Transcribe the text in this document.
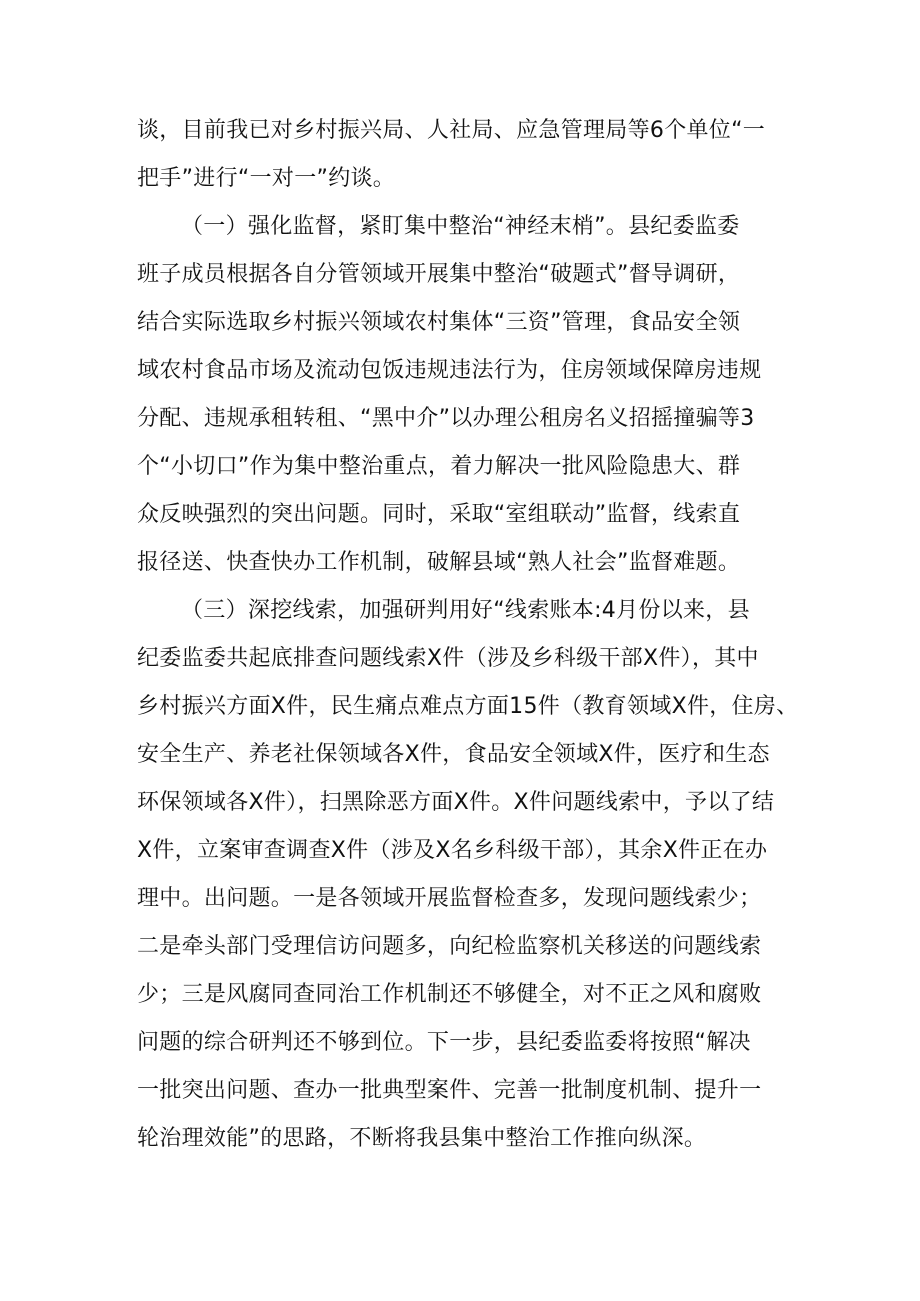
谈，目前我已对乡村振兴局、人社局、应急管理局等6个单位“一
把手”进行“一对一”约谈。
（一）强化监督，紧盯集中整治“神经末梢”。县纪委监委
班子成员根据各自分管领域开展集中整治“破题式”督导调研，
结合实际选取乡村振兴领域农村集体“三资”管理，食品安全领
域农村食品市场及流动包饭违规违法行为，住房领域保障房违规
分配、违规承租转租、“黑中介”以办理公租房名义招摇撞骗等3
个“小切口”作为集中整治重点，着力解决一批风险隐患大、群
众反映强烈的突出问题。同时，采取“室组联动”监督，线索直
报径送、快查快办工作机制，破解县域“熟人社会”监督难题。
（三）深挖线索，加强研判用好“线索账本:4月份以来，县
纪委监委共起底排查问题线索X件（涉及乡科级干部X件），其中
乡村振兴方面X件，民生痛点难点方面15件（教育领域X件，住房、
安全生产、养老社保领域各X件，食品安全领域X件，医疗和生态
环保领域各X件），扫黑除恶方面X件。X件问题线索中，予以了结
X件，立案审查调查X件（涉及X名乡科级干部），其余X件正在办
理中。出问题。一是各领域开展监督检查多，发现问题线索少；
二是牵头部门受理信访问题多，向纪检监察机关移送的问题线索
少；三是风腐同查同治工作机制还不够健全，对不正之风和腐败
问题的综合研判还不够到位。下一步，县纪委监委将按照“解决
一批突出问题、查办一批典型案件、完善一批制度机制、提升一
轮治理效能”的思路，不断将我县集中整治工作推向纵深。
